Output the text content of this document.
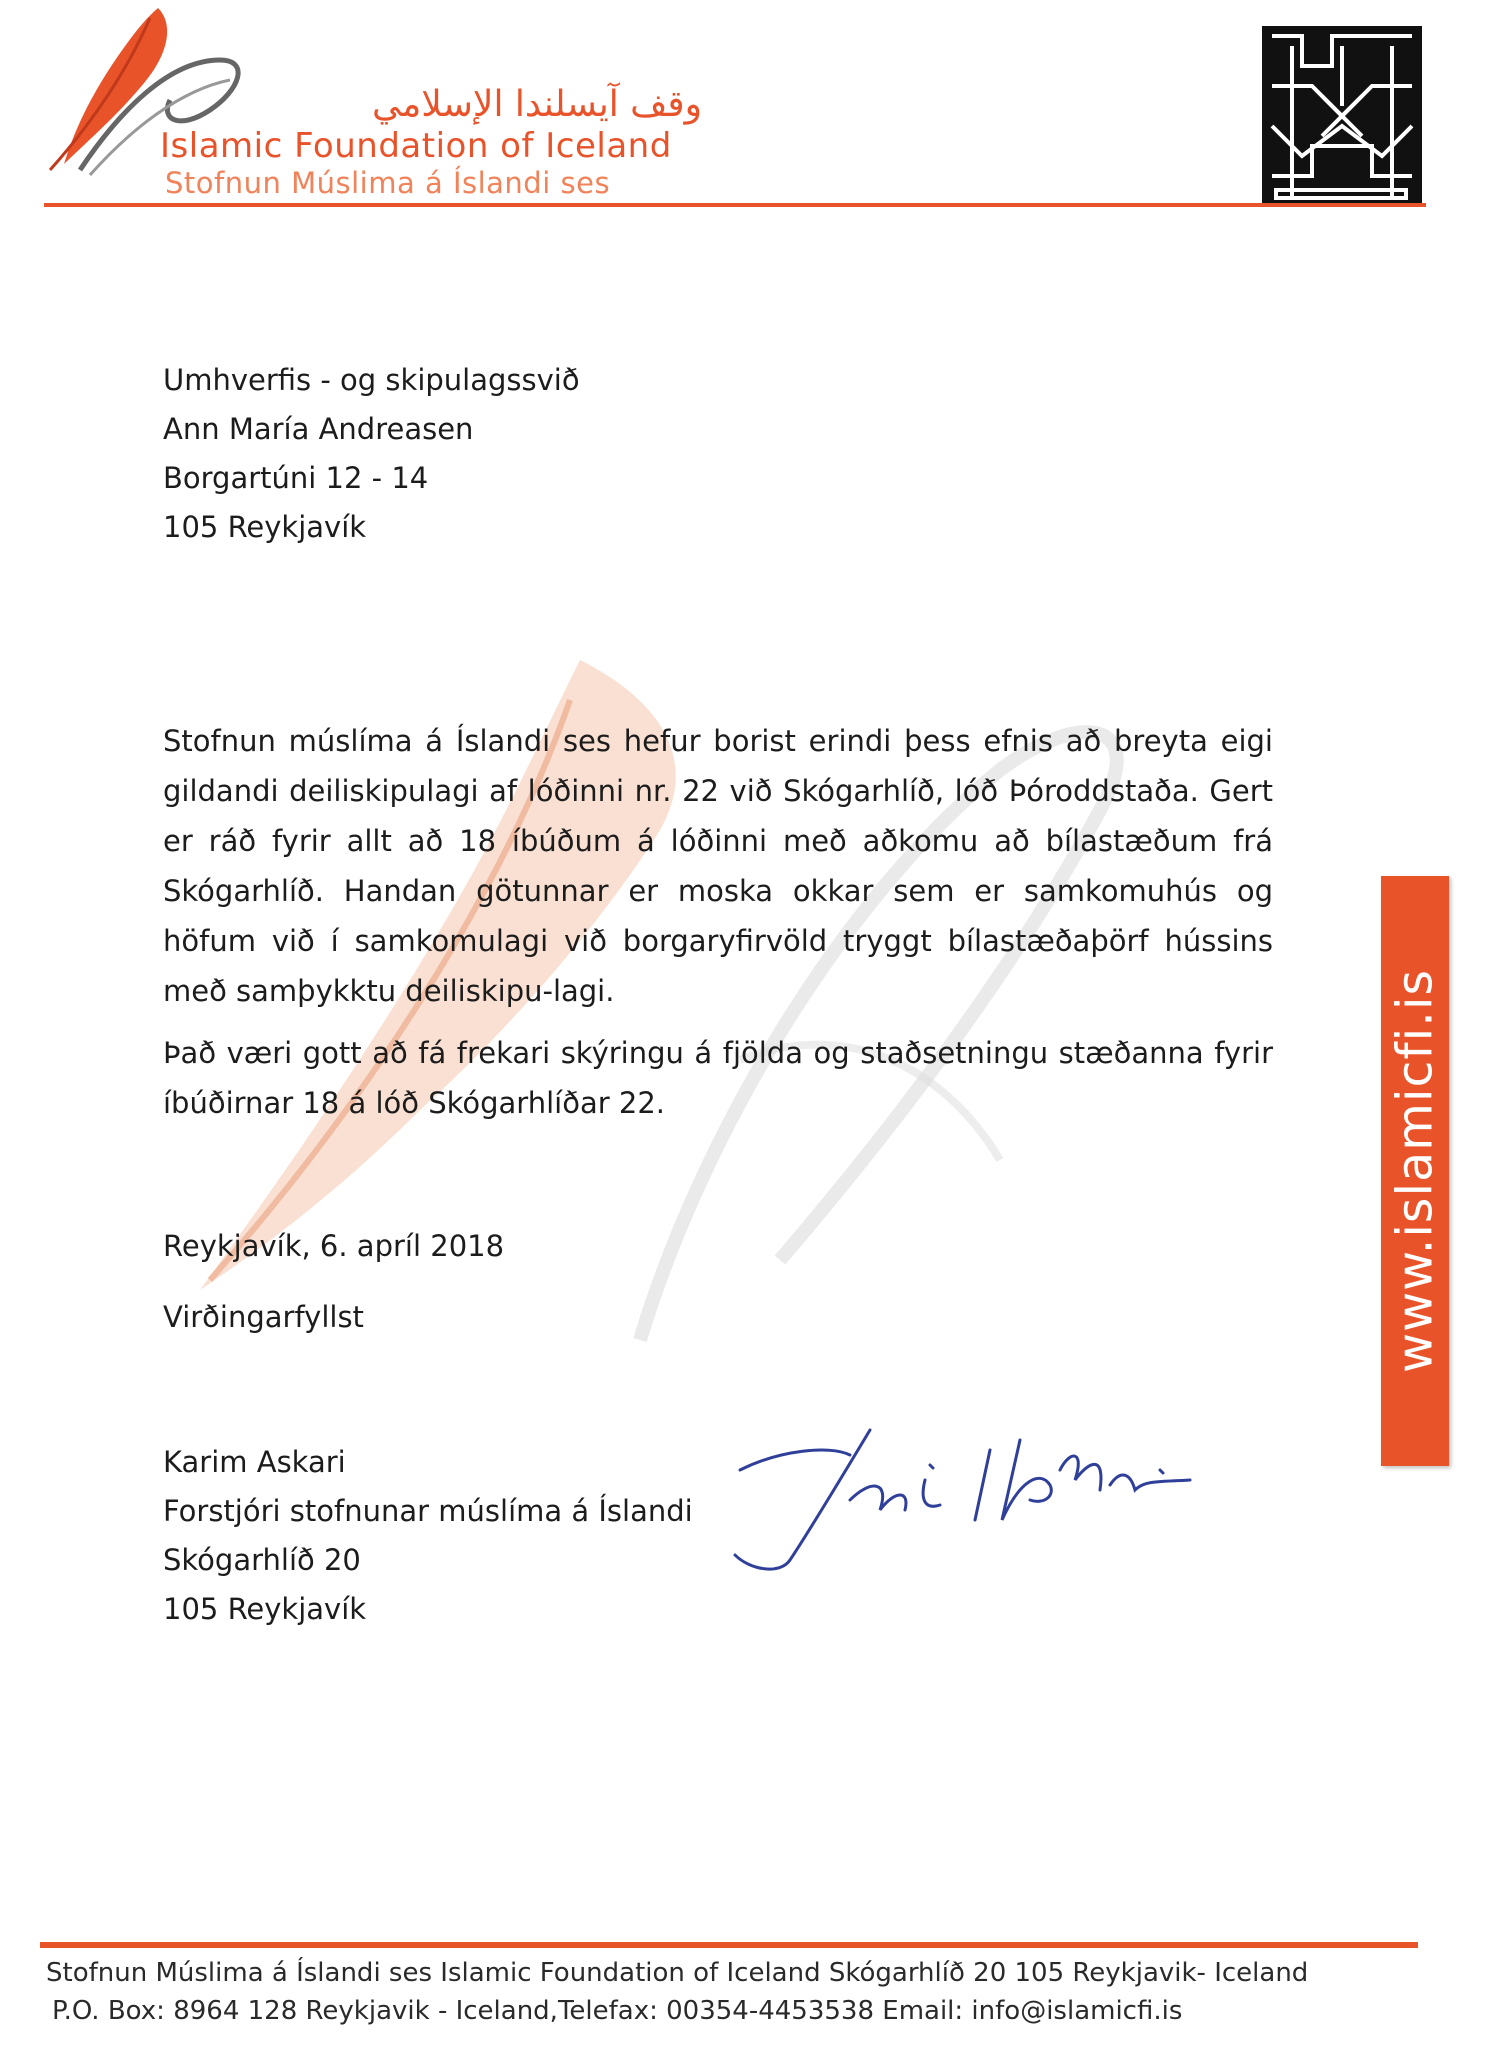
وقف آيسلندا الإسلامي
Islamic Foundation of Iceland
Stofnun Múslima á Íslandi ses
Umhverfis - og skipulagssvið
Ann María Andreasen
Borgartúni 12 - 14
105 Reykjavík
Stofnun múslíma á Íslandi ses hefur borist erindi þess efnis að breyta eigi gildandi deiliskipulagi af lóðinni nr. 22 við Skógarhlíð, lóð Þóroddstaða. Gert er ráð fyrir allt að 18 íbúðum á lóðinni með aðkomu að bílastæðum frá Skógarhlíð. Handan götunnar er moska okkar sem er samkomuhús og höfum við í samkomulagi við borgaryfirvöld tryggt bílastæðaþörf hússins með samþykktu deiliskipu-lagi.
Það væri gott að fá frekari skýringu á fjölda og staðsetningu stæðanna fyrir íbúðirnar 18 á lóð Skógarhlíðar 22.
Reykjavík, 6. apríl 2018
Virðingarfyllst
Karim Askari
Forstjóri stofnunar múslíma á Íslandi
Skógarhlíð 20
105 Reykjavík
www.islamicfi.is
Stofnun Múslima á Íslandi ses Islamic Foundation of Iceland Skógarhlíð 20 105 Reykjavik- Iceland
P.O. Box: 8964 128 Reykjavik - Iceland,Telefax: 00354-4453538 Email: info@islamicfi.is
